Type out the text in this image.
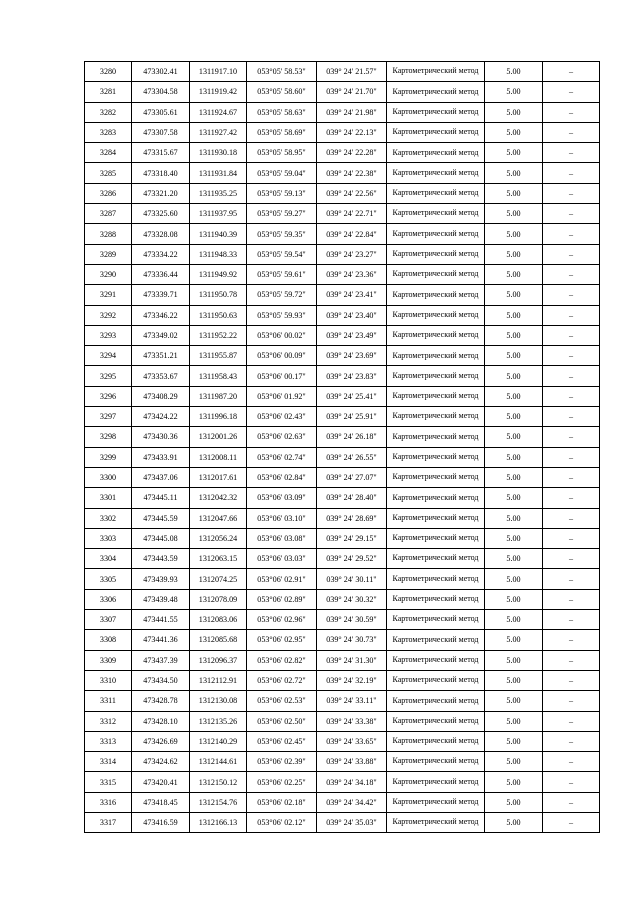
3280	473302.41	1311917.10	053°05' 58.53"	039° 24' 21.57"	Картометрический метод	5.00	–
3281	473304.58	1311919.42	053°05' 58.60"	039° 24' 21.70"	Картометрический метод	5.00	–
3282	473305.61	1311924.67	053°05' 58.63"	039° 24' 21.98"	Картометрический метод	5.00	–
3283	473307.58	1311927.42	053°05' 58.69"	039° 24' 22.13"	Картометрический метод	5.00	–
3284	473315.67	1311930.18	053°05' 58.95"	039° 24' 22.28"	Картометрический метод	5.00	–
3285	473318.40	1311931.84	053°05' 59.04"	039° 24' 22.38"	Картометрический метод	5.00	–
3286	473321.20	1311935.25	053°05' 59.13"	039° 24' 22.56"	Картометрический метод	5.00	–
3287	473325.60	1311937.95	053°05' 59.27"	039° 24' 22.71"	Картометрический метод	5.00	–
3288	473328.08	1311940.39	053°05' 59.35"	039° 24' 22.84"	Картометрический метод	5.00	–
3289	473334.22	1311948.33	053°05' 59.54"	039° 24' 23.27"	Картометрический метод	5.00	–
3290	473336.44	1311949.92	053°05' 59.61"	039° 24' 23.36"	Картометрический метод	5.00	–
3291	473339.71	1311950.78	053°05' 59.72"	039° 24' 23.41"	Картометрический метод	5.00	–
3292	473346.22	1311950.63	053°05' 59.93"	039° 24' 23.40"	Картометрический метод	5.00	–
3293	473349.02	1311952.22	053°06' 00.02"	039° 24' 23.49"	Картометрический метод	5.00	–
3294	473351.21	1311955.87	053°06' 00.09"	039° 24' 23.69"	Картометрический метод	5.00	–
3295	473353.67	1311958.43	053°06' 00.17"	039° 24' 23.83"	Картометрический метод	5.00	–
3296	473408.29	1311987.20	053°06' 01.92"	039° 24' 25.41"	Картометрический метод	5.00	–
3297	473424.22	1311996.18	053°06' 02.43"	039° 24' 25.91"	Картометрический метод	5.00	–
3298	473430.36	1312001.26	053°06' 02.63"	039° 24' 26.18"	Картометрический метод	5.00	–
3299	473433.91	1312008.11	053°06' 02.74"	039° 24' 26.55"	Картометрический метод	5.00	–
3300	473437.06	1312017.61	053°06' 02.84"	039° 24' 27.07"	Картометрический метод	5.00	–
3301	473445.11	1312042.32	053°06' 03.09"	039° 24' 28.40"	Картометрический метод	5.00	–
3302	473445.59	1312047.66	053°06' 03.10"	039° 24' 28.69"	Картометрический метод	5.00	–
3303	473445.08	1312056.24	053°06' 03.08"	039° 24' 29.15"	Картометрический метод	5.00	–
3304	473443.59	1312063.15	053°06' 03.03"	039° 24' 29.52"	Картометрический метод	5.00	–
3305	473439.93	1312074.25	053°06' 02.91"	039° 24' 30.11"	Картометрический метод	5.00	–
3306	473439.48	1312078.09	053°06' 02.89"	039° 24' 30.32"	Картометрический метод	5.00	–
3307	473441.55	1312083.06	053°06' 02.96"	039° 24' 30.59"	Картометрический метод	5.00	–
3308	473441.36	1312085.68	053°06' 02.95"	039° 24' 30.73"	Картометрический метод	5.00	–
3309	473437.39	1312096.37	053°06' 02.82"	039° 24' 31.30"	Картометрический метод	5.00	–
3310	473434.50	1312112.91	053°06' 02.72"	039° 24' 32.19"	Картометрический метод	5.00	–
3311	473428.78	1312130.08	053°06' 02.53"	039° 24' 33.11"	Картометрический метод	5.00	–
3312	473428.10	1312135.26	053°06' 02.50"	039° 24' 33.38"	Картометрический метод	5.00	–
3313	473426.69	1312140.29	053°06' 02.45"	039° 24' 33.65"	Картометрический метод	5.00	–
3314	473424.62	1312144.61	053°06' 02.39"	039° 24' 33.88"	Картометрический метод	5.00	–
3315	473420.41	1312150.12	053°06' 02.25"	039° 24' 34.18"	Картометрический метод	5.00	–
3316	473418.45	1312154.76	053°06' 02.18"	039° 24' 34.42"	Картометрический метод	5.00	–
3317	473416.59	1312166.13	053°06' 02.12"	039° 24' 35.03"	Картометрический метод	5.00	–
